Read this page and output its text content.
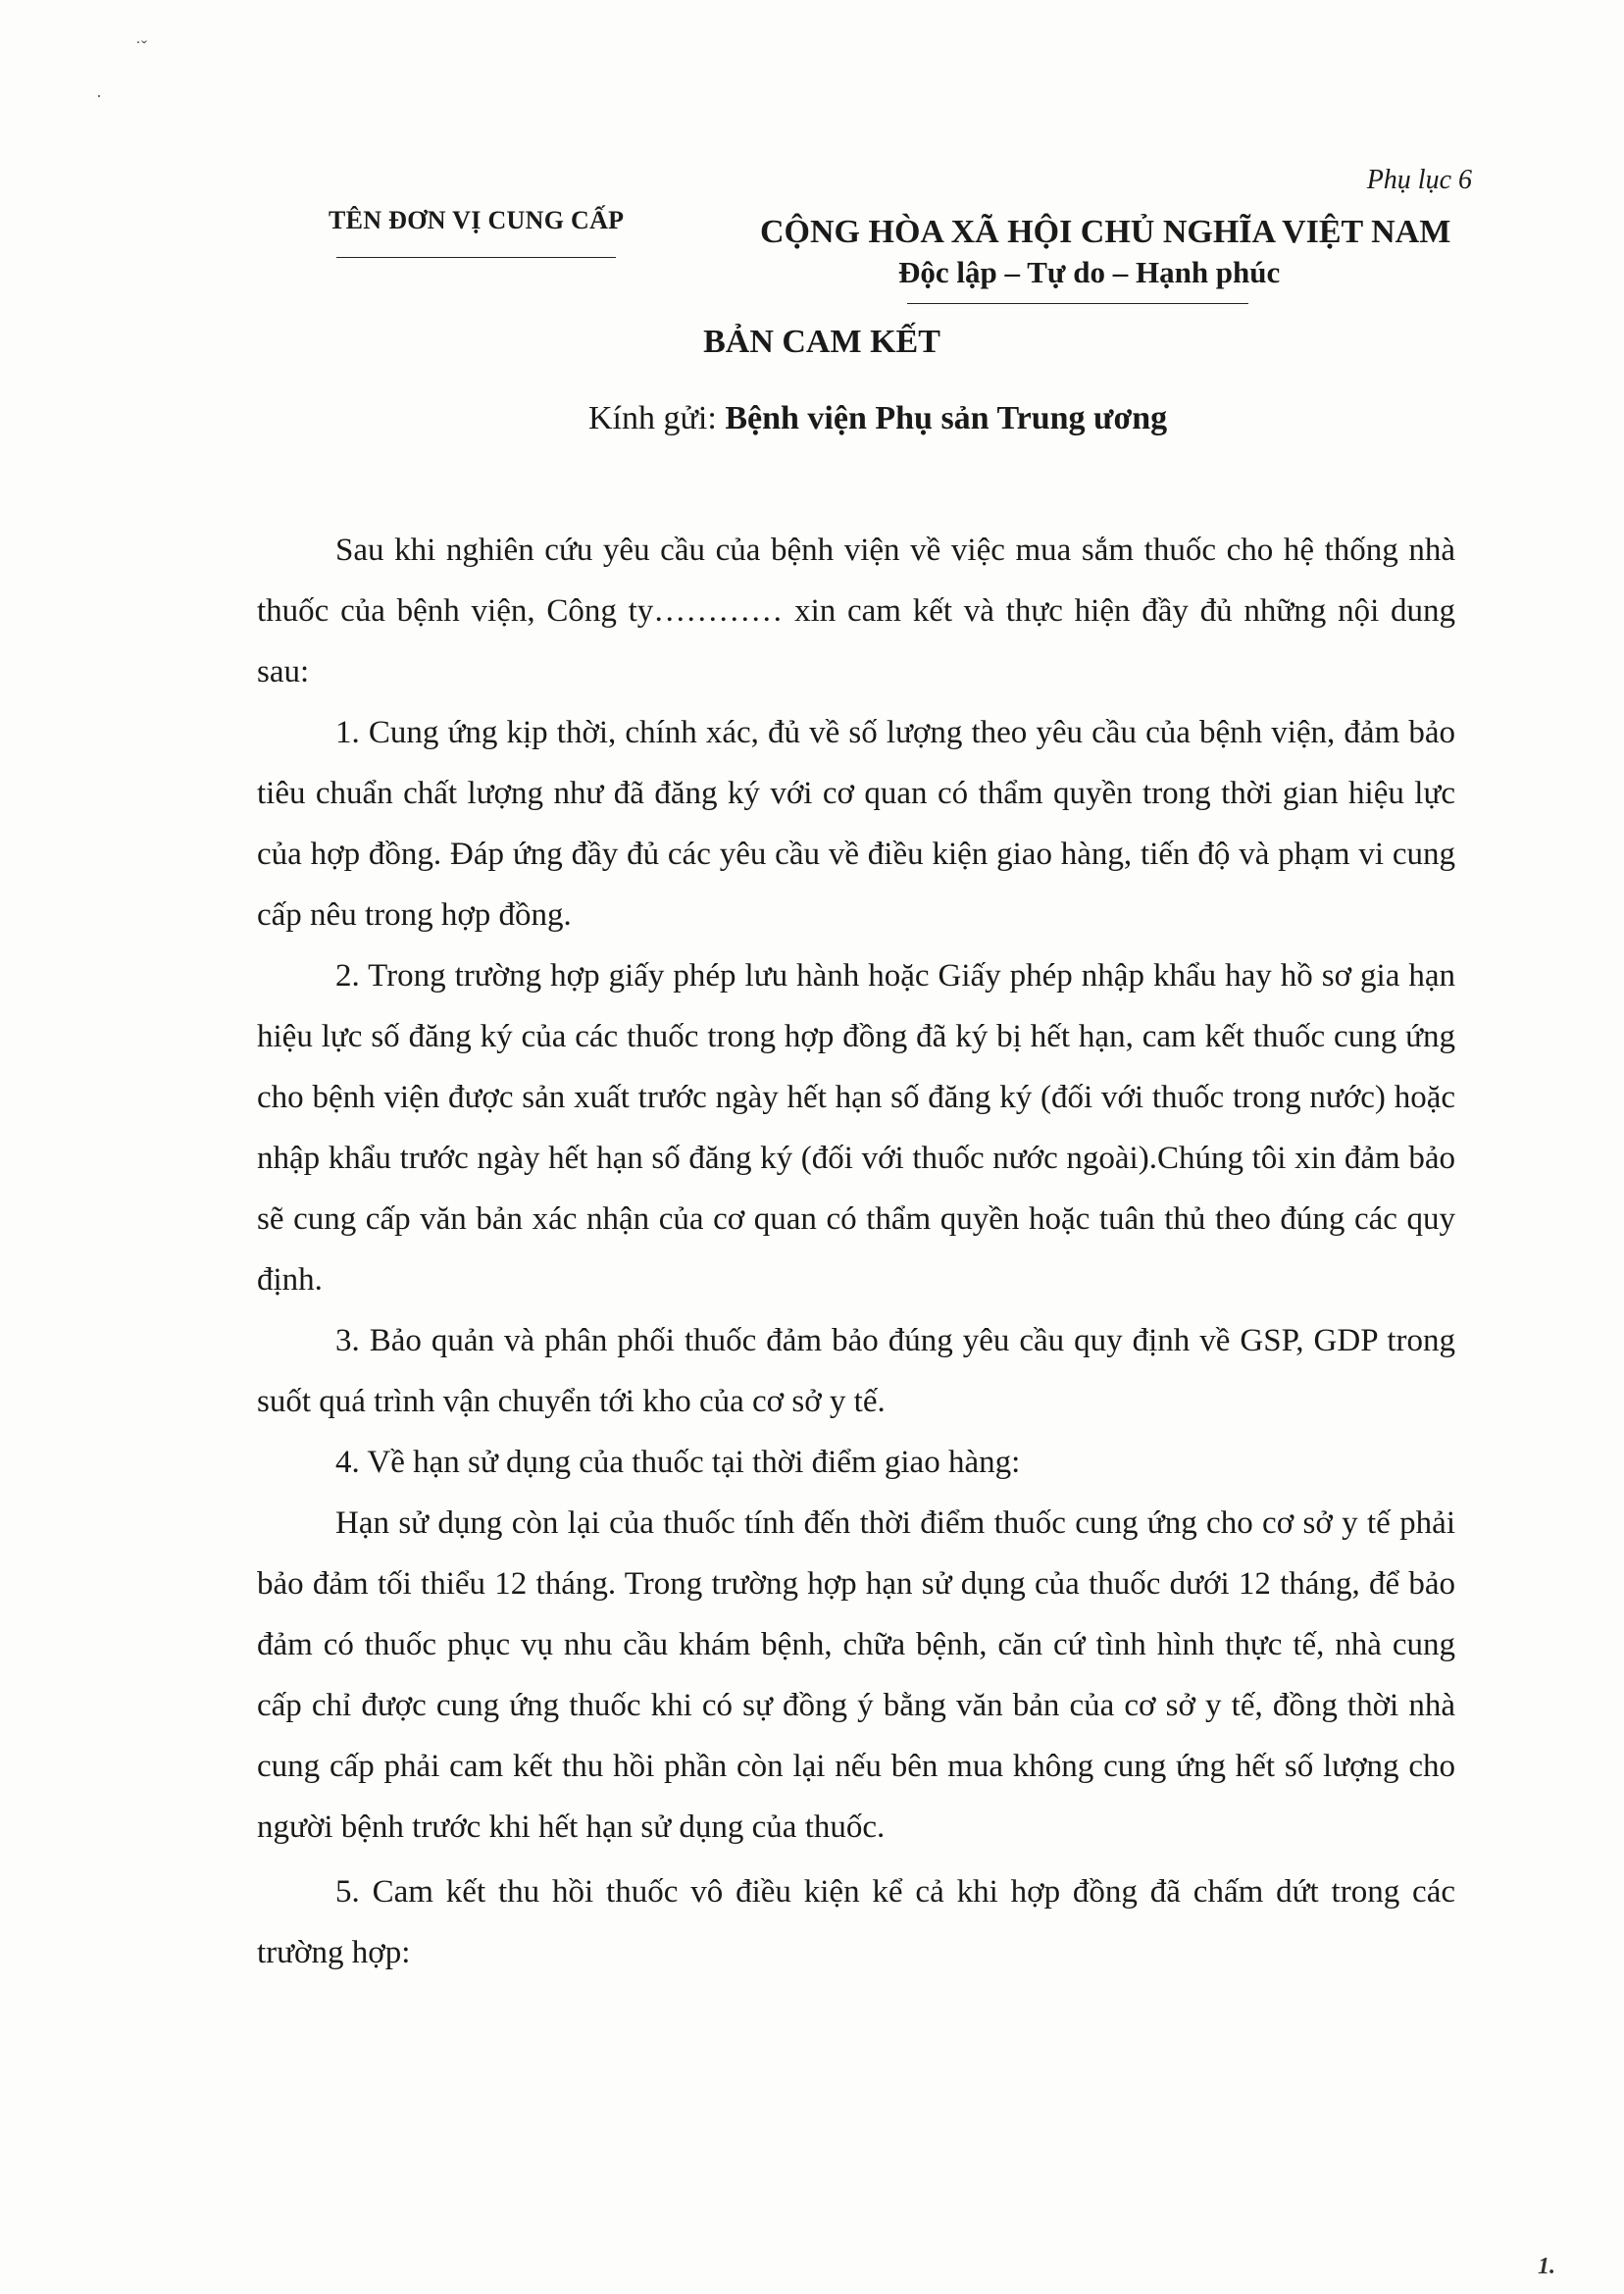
˙ˇ
·
Phụ lục 6
TÊN ĐƠN VỊ CUNG CẤP	CỘNG HÒA XÃ HỘI CHỦ NGHĨA VIỆT NAM
Độc lập – Tự do – Hạnh phúc
BẢN CAM KẾT
Kính gửi: Bệnh viện Phụ sản Trung ương

Sau khi nghiên cứu yêu cầu của bệnh viện về việc mua sắm thuốc cho hệ thống nhà thuốc của bệnh viện, Công ty………… xin cam kết và thực hiện đầy đủ những nội dung sau:

1. Cung ứng kịp thời, chính xác, đủ về số lượng theo yêu cầu của bệnh viện, đảm bảo tiêu chuẩn chất lượng như đã đăng ký với cơ quan có thẩm quyền trong thời gian hiệu lực của hợp đồng. Đáp ứng đầy đủ các yêu cầu về điều kiện giao hàng, tiến độ và phạm vi cung cấp nêu trong hợp đồng.

2. Trong trường hợp giấy phép lưu hành hoặc Giấy phép nhập khẩu hay hồ sơ gia hạn hiệu lực số đăng ký của các thuốc trong hợp đồng đã ký bị hết hạn, cam kết thuốc cung ứng cho bệnh viện được sản xuất trước ngày hết hạn số đăng ký (đối với thuốc trong nước) hoặc nhập khẩu trước ngày hết hạn số đăng ký (đối với thuốc nước ngoài).Chúng tôi xin đảm bảo sẽ cung cấp văn bản xác nhận của cơ quan có thẩm quyền hoặc tuân thủ theo đúng các quy định.

3. Bảo quản và phân phối thuốc đảm bảo đúng yêu cầu quy định về GSP, GDP trong suốt quá trình vận chuyển tới kho của cơ sở y tế.

4. Về hạn sử dụng của thuốc tại thời điểm giao hàng:

Hạn sử dụng còn lại của thuốc tính đến thời điểm thuốc cung ứng cho cơ sở y tế phải bảo đảm tối thiểu 12 tháng. Trong trường hợp hạn sử dụng của thuốc dưới 12 tháng, để bảo đảm có thuốc phục vụ nhu cầu khám bệnh, chữa bệnh, căn cứ tình hình thực tế, nhà cung cấp chỉ được cung ứng thuốc khi có sự đồng ý bằng văn bản của cơ sở y tế, đồng thời nhà cung cấp phải cam kết thu hồi phần còn lại nếu bên mua không cung ứng hết số lượng cho người bệnh trước khi hết hạn sử dụng của thuốc.

5. Cam kết thu hồi thuốc vô điều kiện kể cả khi hợp đồng đã chấm dứt trong các trường hợp:

1.
